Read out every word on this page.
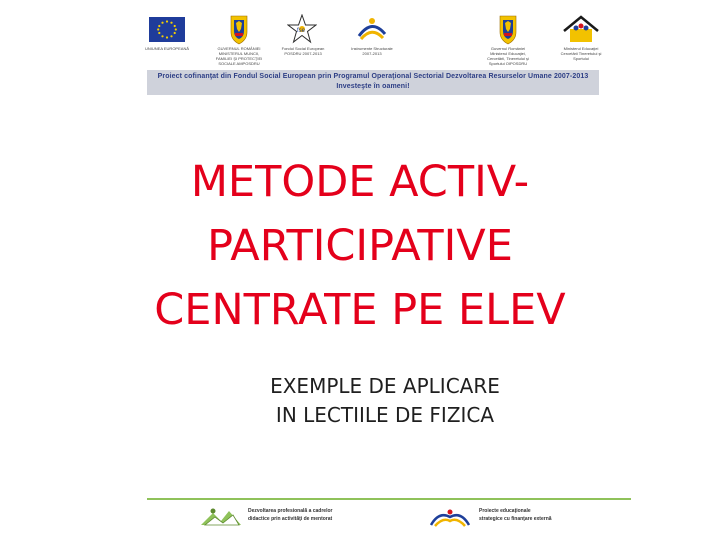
UNIUNEA EUROPEANĂ	GUVERNUL ROMÂNIEI MINISTERUL MUNCII, FAMILIEI ŞI PROTECŢIEI SOCIALE AMPOSDRU
fse
Fondul Social European POSDRU 2007-2013
Instrumente Structurale 2007-2013
Guvernul României Ministerul Educaţiei, Cercetării, Tineretului şi Sportului OIPOSDRU
Ministerul Educaţiei Cercetării Tineretului şi Sportului
Proiect cofinanţat din Fondul Social European prin Programul Operaţional Sectorial Dezvoltarea Resurselor Umane 2007-2013
Investeşte în oameni!
METODE ACTIV-
PARTICIPATIVE
CENTRATE PE ELEV
EXEMPLE DE APLICARE
IN LECTIILE DE FIZICA
Dezvoltarea profesională a cadrelor
didactice prin activităţi de mentorat
Proiecte educaţionale
strategice cu finanţare externă
